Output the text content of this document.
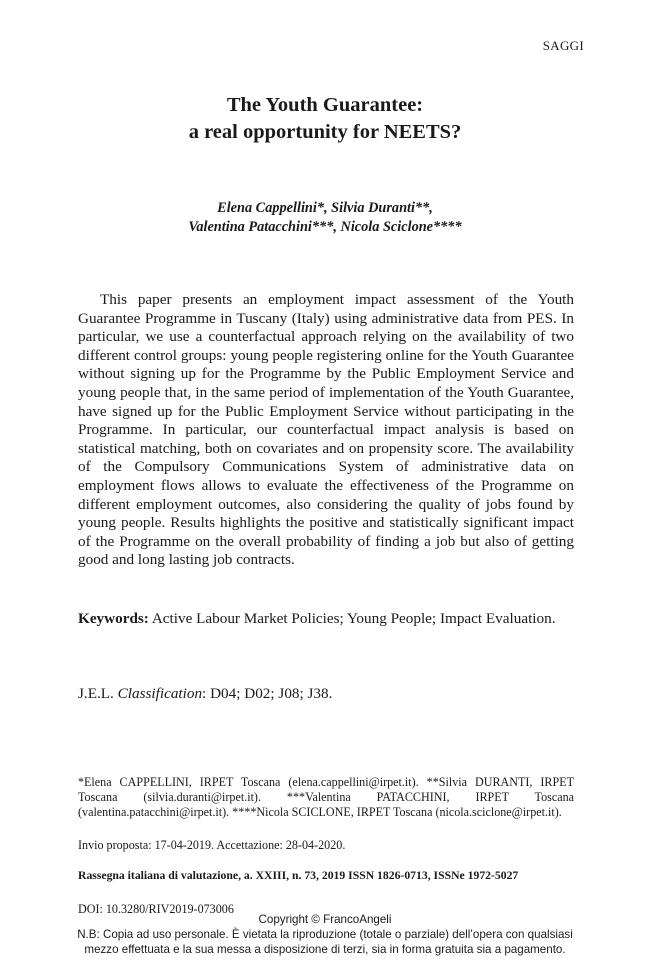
SAGGI
The Youth Guarantee:
a real opportunity for NEETS?
Elena Cappellini*, Silvia Duranti**,
Valentina Patacchini***, Nicola Sciclone****

This paper presents an employment impact assessment of the Youth Guarantee Programme in Tuscany (Italy) using administrative data from PES. In particular, we use a counterfactual approach relying on the availability of two different control groups: young people registering online for the Youth Guarantee without signing up for the Programme by the Public Employment Service and young people that, in the same period of implementation of the Youth Guarantee, have signed up for the Public Employment Service without participating in the Programme. In particular, our counterfactual impact analysis is based on statistical matching, both on covariates and on propensity score. The availability of the Compulsory Communications System of administrative data on employment flows allows to evaluate the effectiveness of the Programme on different employment outcomes, also considering the quality of jobs found by young people. Results highlights the positive and statistically significant impact of the Programme on the overall probability of finding a job but also of getting good and long lasting job contracts.

Keywords: Active Labour Market Policies; Young People; Impact Evaluation.

J.E.L. Classification: D04; D02; J08; J38.

*Elena CAPPELLINI, IRPET Toscana (elena.cappellini@irpet.it). **Silvia DURANTI, IRPET Toscana (silvia.duranti@irpet.it). ***Valentina PATACCHINI, IRPET Toscana (valentina.patacchini@irpet.it). ****Nicola SCICLONE, IRPET Toscana (nicola.sciclone@irpet.it).

Invio proposta: 17-04-2019. Accettazione: 28-04-2020.

Rassegna italiana di valutazione, a. XXIII, n. 73, 2019 ISSN 1826-0713, ISSNe 1972-5027

DOI: 10.3280/RIV2019-073006

Copyright © FrancoAngeli
N.B: Copia ad uso personale. È vietata la riproduzione (totale o parziale) dell’opera con qualsiasi
mezzo effettuata e la sua messa a disposizione di terzi, sia in forma gratuita sia a pagamento.
